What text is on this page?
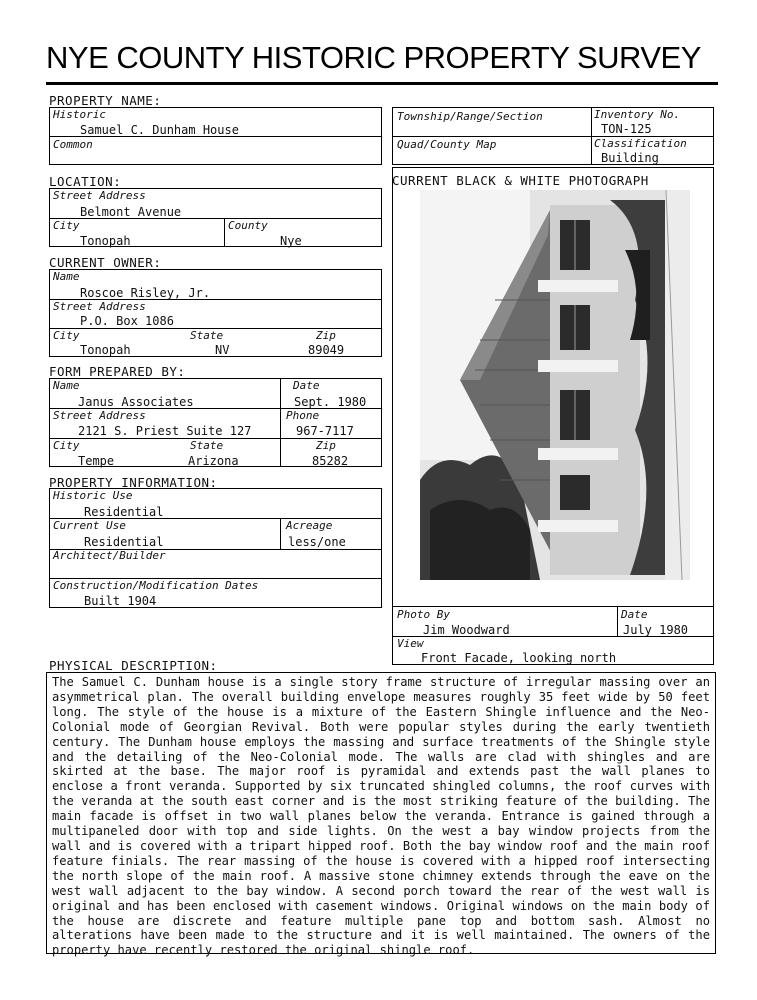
NYE COUNTY HISTORIC PROPERTY SURVEY
PROPERTY NAME:
Historic
Samuel C. Dunham House
Common
LOCATION:
Street Address
Belmont Avenue
City
Tonopah
County
Nye
CURRENT OWNER:
Name
Roscoe Risley, Jr.
Street Address
P.O. Box 1086
City
Tonopah
State
NV
Zip
89049
FORM PREPARED BY:
Name
Janus Associates
Date
Sept. 1980
Street Address
2121 S. Priest Suite 127
Phone
967-7117
City
Tempe
State
Arizona
Zip
85282
PROPERTY INFORMATION:
Historic Use
Residential
Current Use
Residential
Acreage
less/one
Architect/Builder
Construction/Modification Dates
Built 1904
Township/Range/Section	Inventory No.
TON-125
Quad/County Map	Classification
Building
CURRENT BLACK & WHITE PHOTOGRAPH
Photo By
Jim Woodward
Date
July 1980
View
Front Facade, looking north
PHYSICAL DESCRIPTION:
The Samuel C. Dunham house is a single story frame structure of irregular massing over an asymmetrical plan. The overall building envelope measures roughly 35 feet wide by 50 feet long. The style of the house is a mixture of the Eastern Shingle influence and the Neo-Colonial mode of Georgian Revival. Both were popular styles during the early twentieth century. The Dunham house employs the massing and surface treatments of the Shingle style and the detailing of the Neo-Colonial mode. The walls are clad with shingles and are skirted at the base. The major roof is pyramidal and extends past the wall planes to enclose a front veranda. Supported by six truncated shingled columns, the roof curves with the veranda at the south east corner and is the most striking feature of the building. The main facade is offset in two wall planes below the veranda. Entrance is gained through a multipaneled door with top and side lights. On the west a bay window projects from the wall and is covered with a tripart hipped roof. Both the bay window roof and the main roof feature finials. The rear massing of the house is covered with a hipped roof intersecting the north slope of the main roof. A massive stone chimney extends through the eave on the west wall adjacent to the bay window. A second porch toward the rear of the west wall is original and has been enclosed with casement windows. Original windows on the main body of the house are discrete and feature multiple pane top and bottom sash. Almost no alterations have been made to the structure and it is well maintained. The owners of the property have recently restored the original shingle roof.
